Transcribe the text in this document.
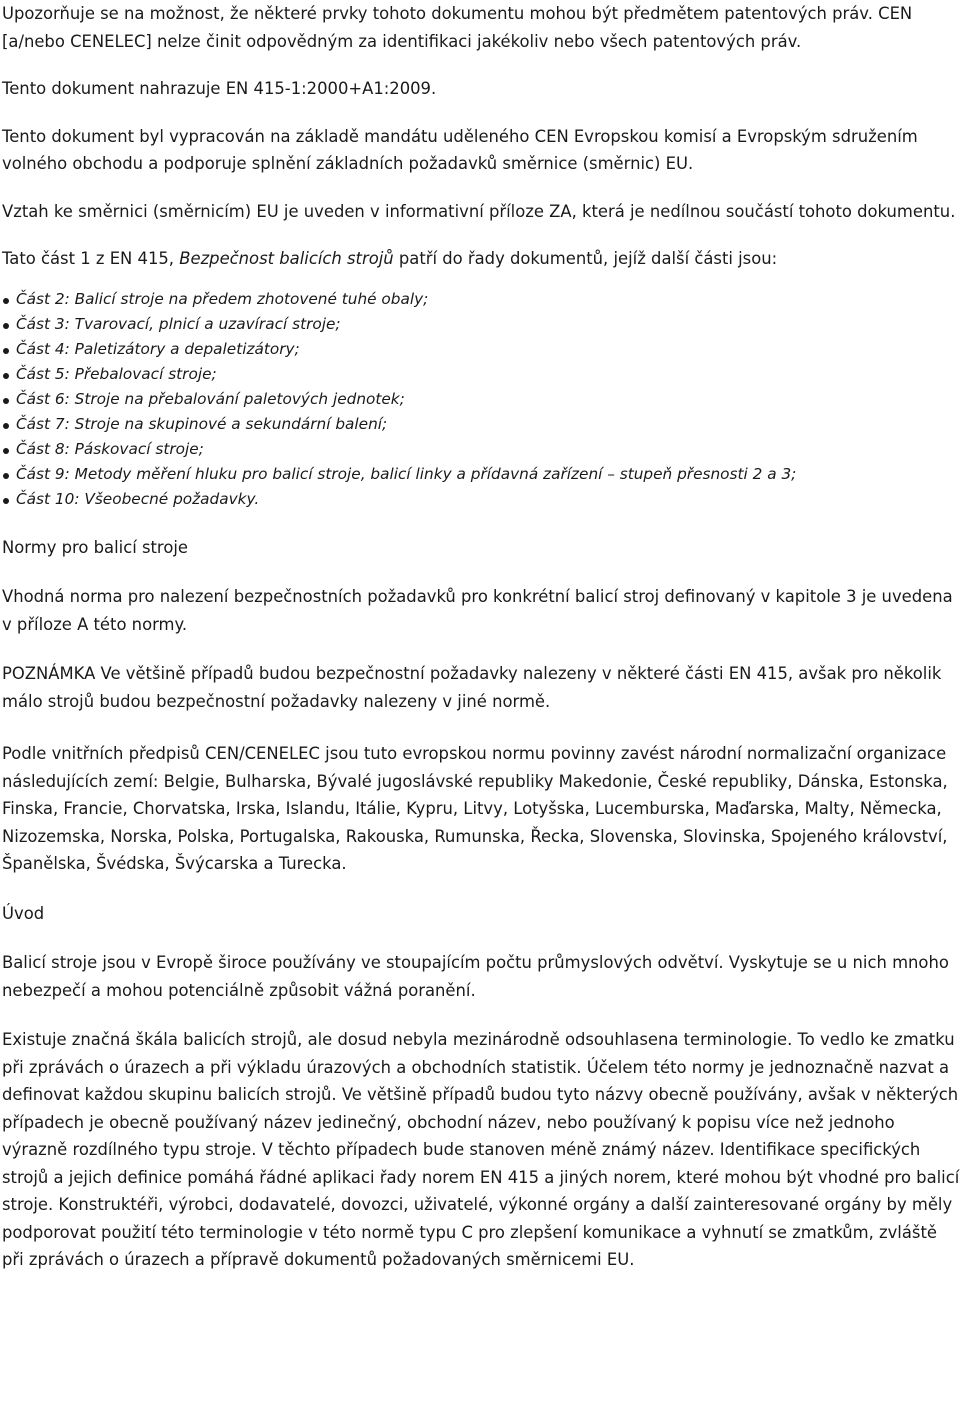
Upozorňuje se na možnost, že některé prvky tohoto dokumentu mohou být předmětem patentových práv. CEN [a/nebo CENELEC] nelze činit odpovědným za identifikaci jakékoliv nebo všech patentových práv.

Tento dokument nahrazuje EN 415-1:2000+A1:2009.

Tento dokument byl vypracován na základě mandátu uděleného CEN Evropskou komisí a Evropským sdružením volného obchodu a podporuje splnění základních požadavků směrnice (směrnic) EU.

Vztah ke směrnici (směrnicím) EU je uveden v informativní příloze ZA, která je nedílnou součástí tohoto dokumentu.

Tato část 1 z EN 415, Bezpečnost balicích strojů patří do řady dokumentů, jejíž další části jsou:

Část 2: Balicí stroje na předem zhotovené tuhé obaly;
Část 3: Tvarovací, plnicí a uzavírací stroje;
Část 4: Paletizátory a depaletizátory;
Část 5: Přebalovací stroje;
Část 6: Stroje na přebalování paletových jednotek;
Část 7: Stroje na skupinové a sekundární balení;
Část 8: Páskovací stroje;
Část 9: Metody měření hluku pro balicí stroje, balicí linky a přídavná zařízení – stupeň přesnosti 2 a 3;
Část 10: Všeobecné požadavky.

Normy pro balicí stroje

Vhodná norma pro nalezení bezpečnostních požadavků pro konkrétní balicí stroj definovaný v kapitole 3 je uvedena v příloze A této normy.

POZNÁMKA Ve většině případů budou bezpečnostní požadavky nalezeny v některé části EN 415, avšak pro několik málo strojů budou bezpečnostní požadavky nalezeny v jiné normě.

Podle vnitřních předpisů CEN/CENELEC jsou tuto evropskou normu povinny zavést národní normalizační organizace následujících zemí: Belgie, Bulharska, Bývalé jugoslávské republiky Makedonie, České republiky, Dánska, Estonska, Finska, Francie, Chorvatska, Irska, Islandu, Itálie, Kypru, Litvy, Lotyšska, Lucemburska, Maďarska, Malty, Německa, Nizozemska, Norska, Polska, Portugalska, Rakouska, Rumunska, Řecka, Slovenska, Slovinska, Spojeného království, Španělska, Švédska, Švýcarska a Turecka.

Úvod

Balicí stroje jsou v Evropě široce používány ve stoupajícím počtu průmyslových odvětví. Vyskytuje se u nich mnoho nebezpečí a mohou potenciálně způsobit vážná poranění.

Existuje značná škála balicích strojů, ale dosud nebyla mezinárodně odsouhlasena terminologie. To vedlo ke zmatku při zprávách o úrazech a při výkladu úrazových a obchodních statistik. Účelem této normy je jednoznačně nazvat a definovat každou skupinu balicích strojů. Ve většině případů budou tyto názvy obecně používány, avšak v některých případech je obecně používaný název jedinečný, obchodní název, nebo používaný k popisu více než jednoho výrazně rozdílného typu stroje. V těchto případech bude stanoven méně známý název. Identifikace specifických strojů a jejich definice pomáhá řádné aplikaci řady norem EN 415 a jiných norem, které mohou být vhodné pro balicí stroje. Konstruktéři, výrobci, dodavatelé, dovozci, uživatelé, výkonné orgány a další zainteresované orgány by měly podporovat použití této terminologie v této normě typu C pro zlepšení komunikace a vyhnutí se zmatkům, zvláště při zprávách o úrazech a přípravě dokumentů požadovaných směrnicemi EU.
